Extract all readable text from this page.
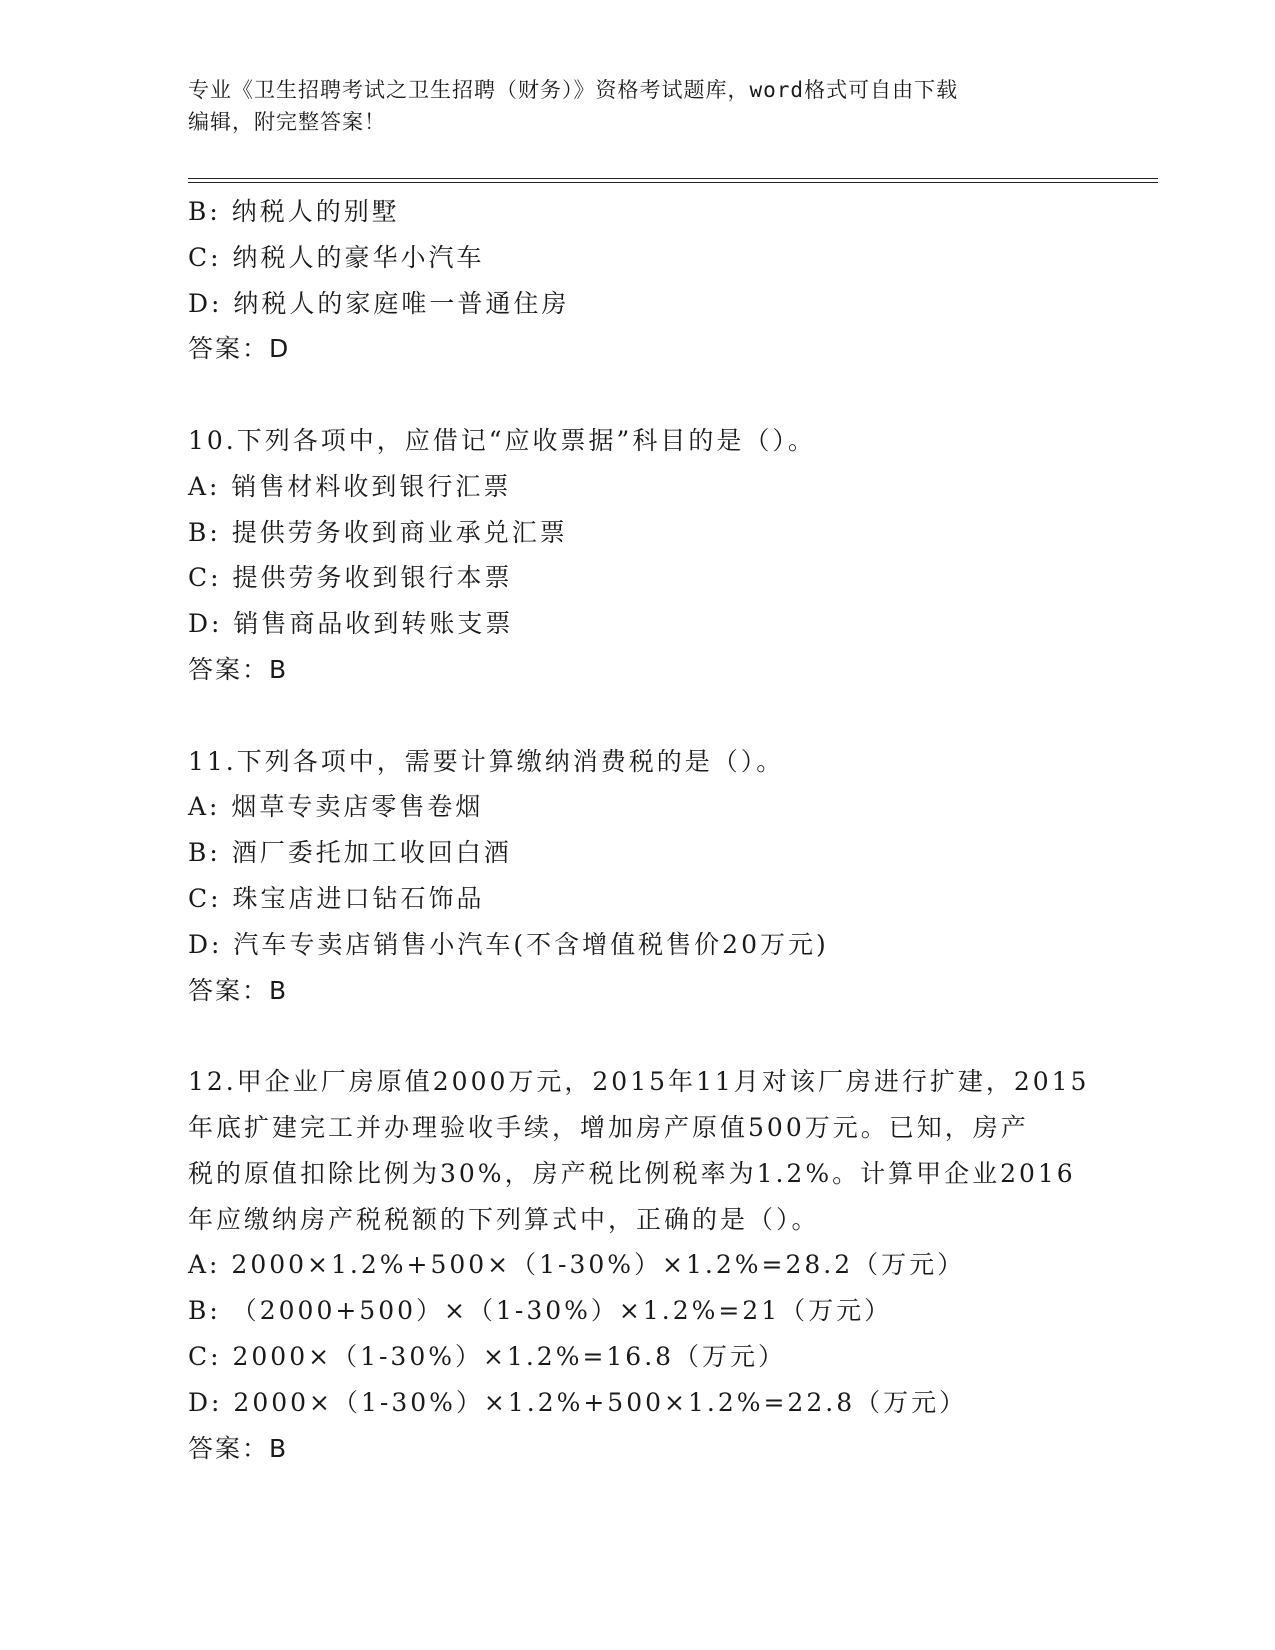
专业《卫生招聘考试之卫生招聘（财务）》资格考试题库，word格式可自由下载
编辑，附完整答案！
B: 纳税人的别墅
C: 纳税人的豪华小汽车
D: 纳税人的家庭唯一普通住房
答案：D
10.下列各项中，应借记“应收票据”科目的是（）。
A: 销售材料收到银行汇票
B: 提供劳务收到商业承兑汇票
C: 提供劳务收到银行本票
D: 销售商品收到转账支票
答案：B
11.下列各项中，需要计算缴纳消费税的是（）。
A: 烟草专卖店零售卷烟
B: 酒厂委托加工收回白酒
C: 珠宝店进口钻石饰品
D: 汽车专卖店销售小汽车(不含增值税售价20万元)
答案：B
12.甲企业厂房原值2000万元，2015年11月对该厂房进行扩建，2015
年底扩建完工并办理验收手续，增加房产原值500万元。已知，房产
税的原值扣除比例为30%，房产税比例税率为1.2%。计算甲企业2016
年应缴纳房产税税额的下列算式中，正确的是（）。
A: 2000×1.2%+500×（1-30%）×1.2%=28.2（万元）
B: （2000+500）×（1-30%）×1.2%=21（万元）
C: 2000×（1-30%）×1.2%=16.8（万元）
D: 2000×（1-30%）×1.2%+500×1.2%=22.8（万元）
答案：B
